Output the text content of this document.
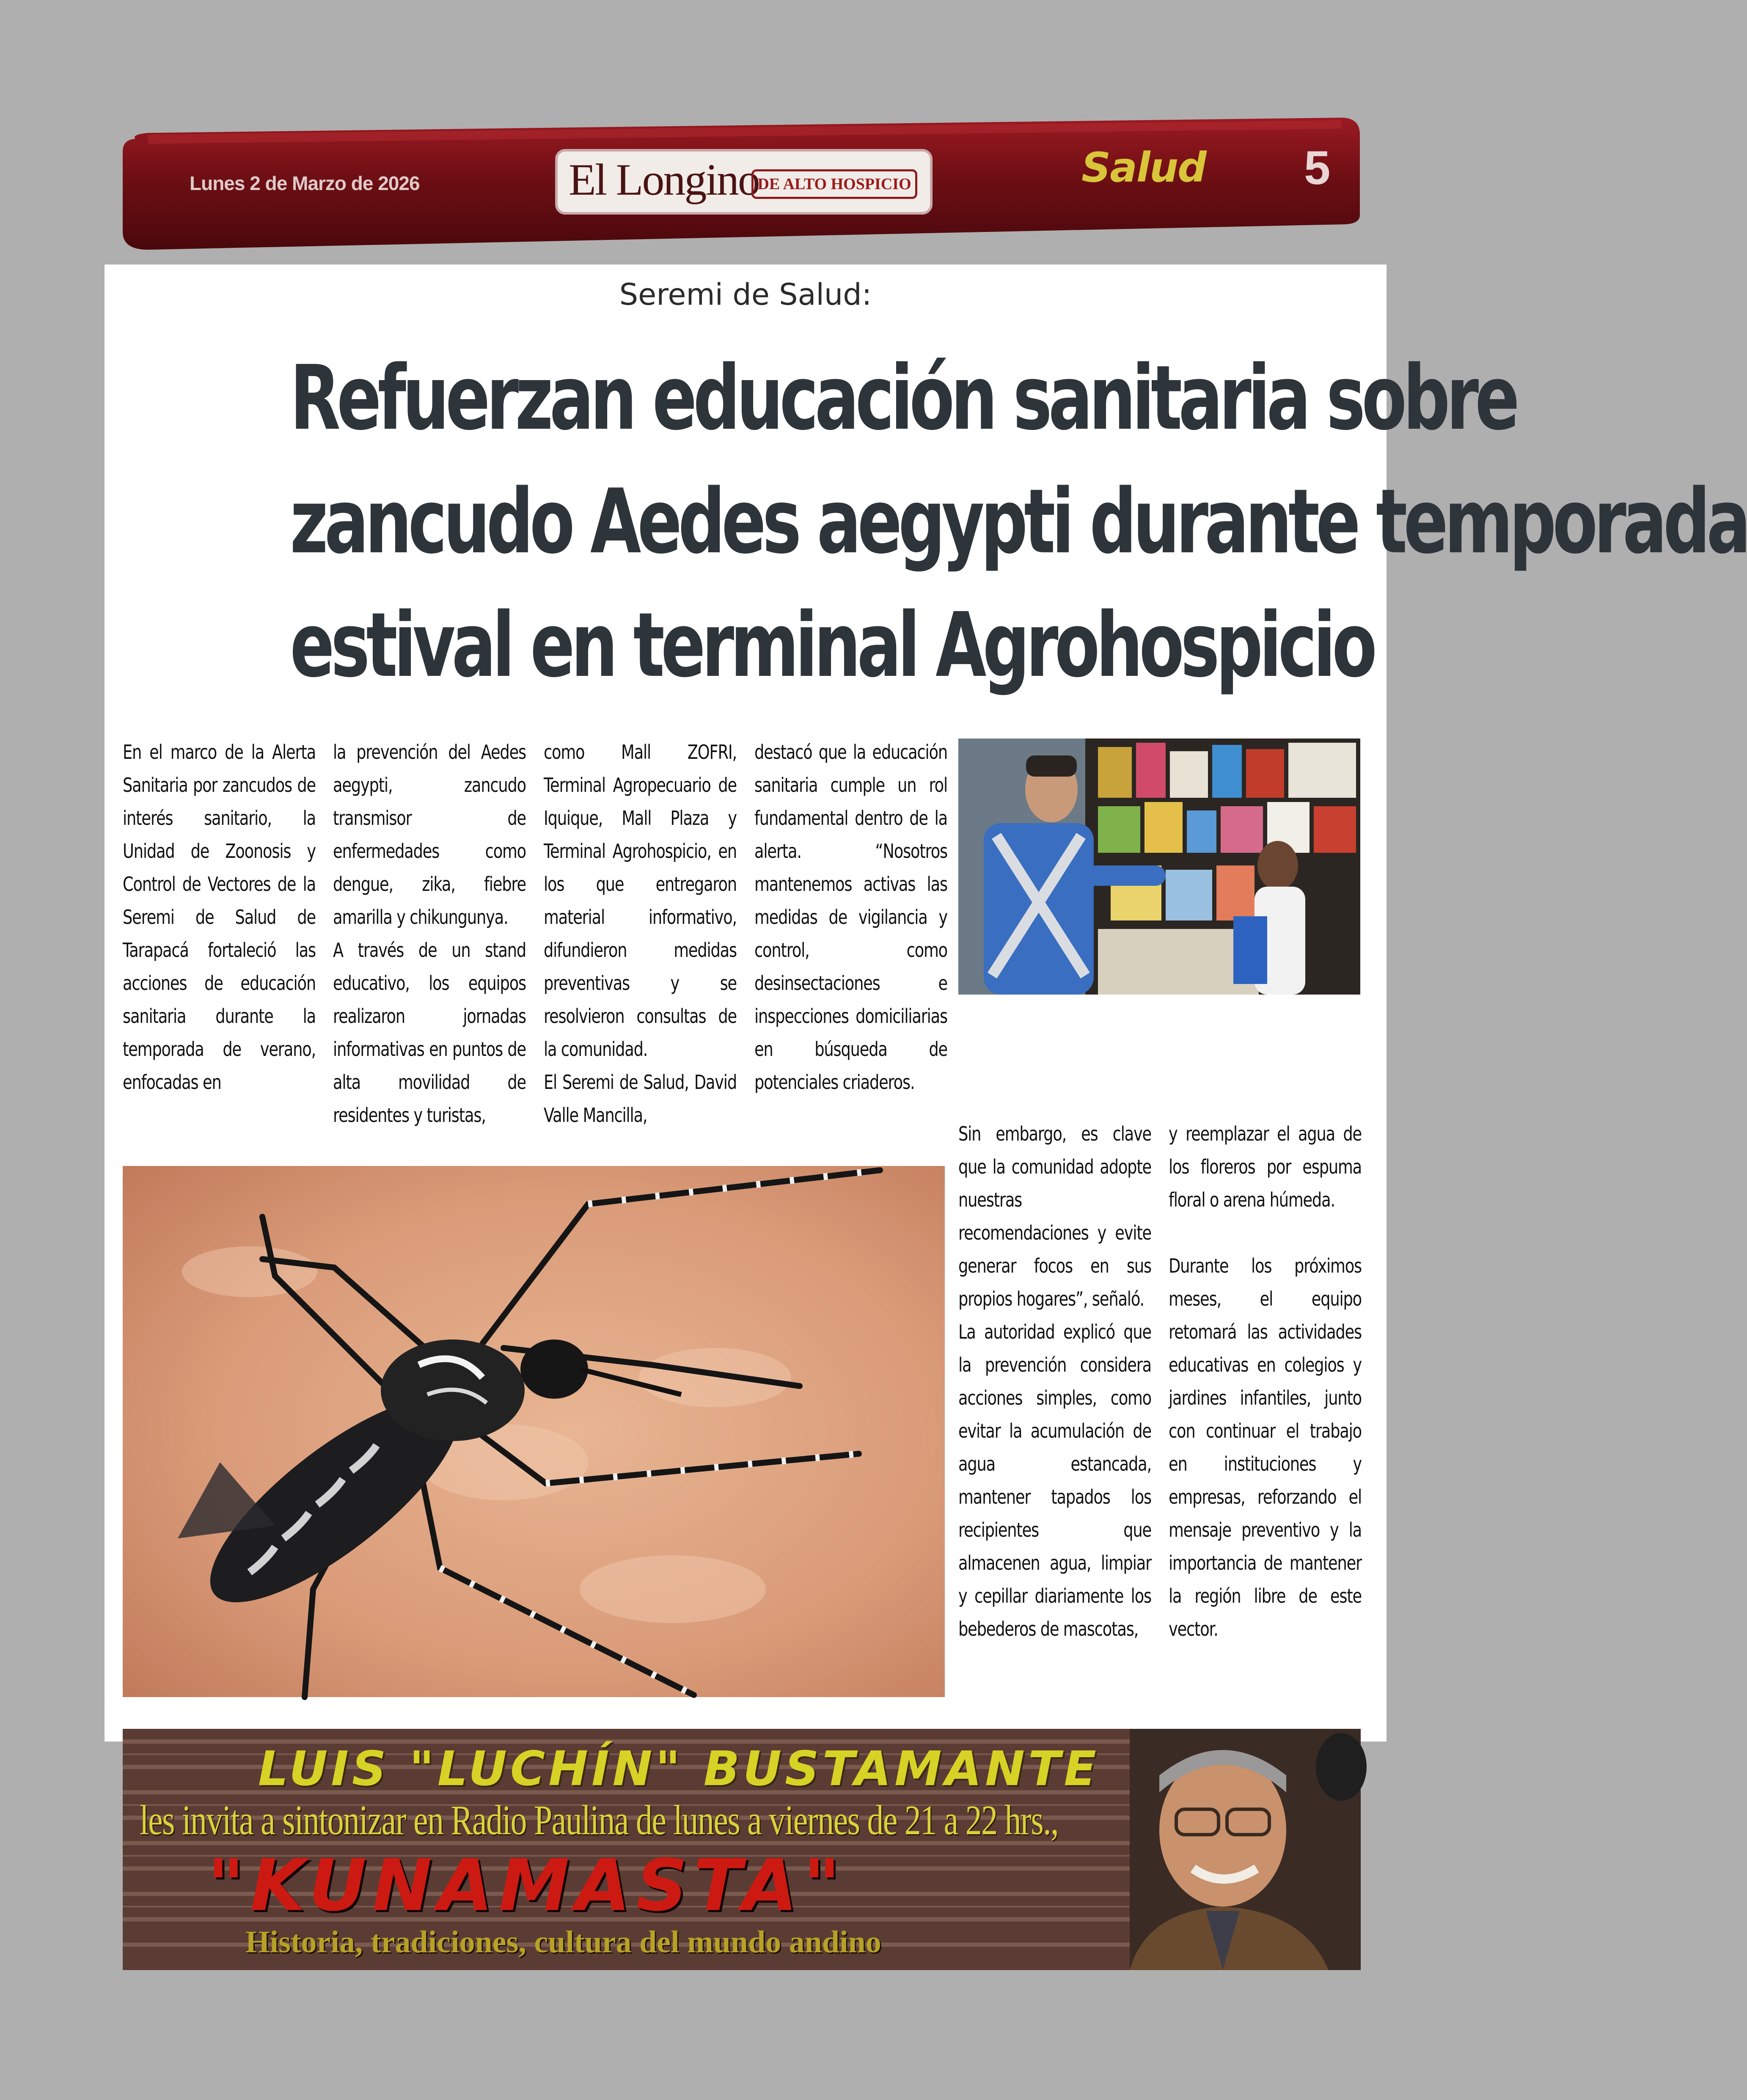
Lunes 2 de Marzo de 2026	El Longino
DE ALTO HOSPICIO	Salud 5
Seremi de Salud:
Refuerzan educación sanitaria sobre
zancudo Aedes aegypti durante temporada
estival en terminal Agrohospicio

En el marco de la Alerta Sanitaria por zancudos de interés sanitario, la Unidad de Zoonosis y Control de Vectores de la Seremi de Salud de Tarapacá fortaleció las acciones de educación sanitaria durante la temporada de verano, enfocadas en

la prevención del Aedes aegypti, zancudo transmisor de enfermedades como dengue, zika, fiebre amarilla y chikungunya.

A través de un stand educativo, los equipos realizaron jornadas informativas en puntos de alta movilidad de residentes y turistas,

como Mall ZOFRI, Terminal Agropecuario de Iquique, Mall Plaza y Terminal Agrohospicio, en los que entregaron material informativo, difundieron medidas preventivas y se resolvieron consultas de la comunidad.

El Seremi de Salud, David Valle Mancilla,

destacó que la educación sanitaria cumple un rol fundamental dentro de la alerta. “Nosotros mantenemos activas las medidas de vigilancia y control, como desinsectaciones e inspecciones domiciliarias en búsqueda de potenciales criaderos.

Sin embargo, es clave que la comunidad adopte nuestras recomendaciones y evite generar focos en sus propios hogares”, señaló.

La autoridad explicó que la prevención considera acciones simples, como evitar la acumulación de agua estancada, mantener tapados los recipientes que almacenen agua, limpiar y cepillar diariamente los bebederos de mascotas,

y reemplazar el agua de los floreros por espuma floral o arena húmeda.

Durante los próximos meses, el equipo retomará las actividades educativas en colegios y jardines infantiles, junto con continuar el trabajo en instituciones y empresas, reforzando el mensaje preventivo y la importancia de mantener la región libre de este vector.

LUIS "LUCHÍN" BUSTAMANTE
les invita a sintonizar en Radio Paulina de lunes a viernes de 21 a 22 hrs.,
"KUNAMASTA"
Historia, tradiciones, cultura del mundo andino
